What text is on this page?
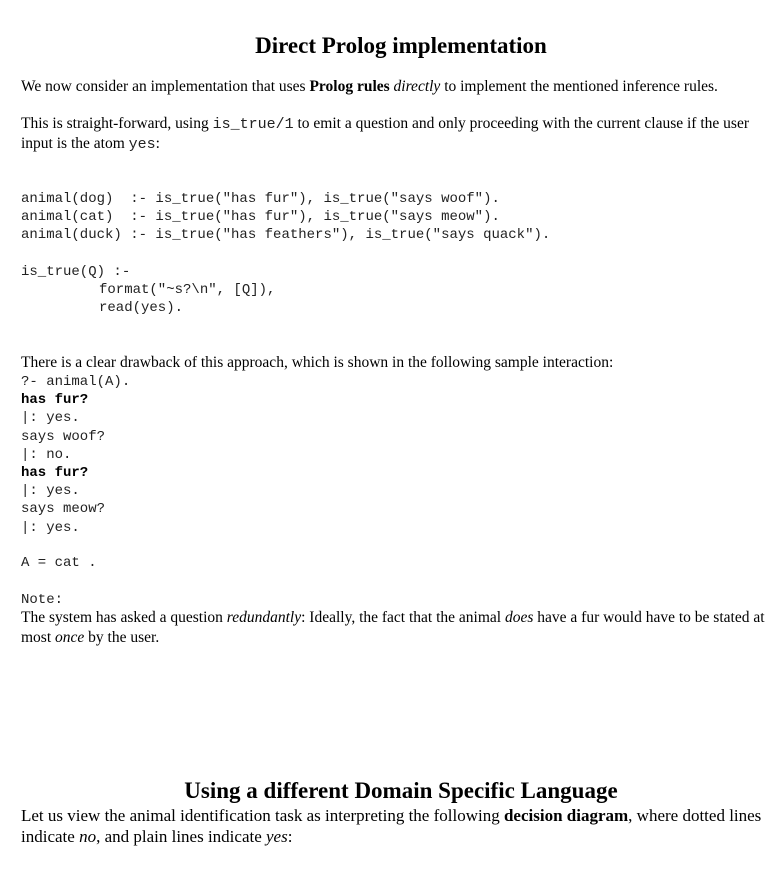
Direct Prolog implementation
We now consider an implementation that uses Prolog rules directly to implement the mentioned inference rules.
This is straight-forward, using is_true/1 to emit a question and only proceeding with the current clause if the user input is the atom yes:
animal(dog)  :- is_true("has fur"), is_true("says woof").
animal(cat)  :- is_true("has fur"), is_true("says meow").
animal(duck) :- is_true("has feathers"), is_true("says quack").
is_true(Q) :-
format("~s?\n", [Q]),
read(yes).
There is a clear drawback of this approach, which is shown in the following sample interaction:
?- animal(A).
has fur?
|: yes.
says woof?
|: no.
has fur?
|: yes.
says meow?
|: yes.
A = cat .
Note:
The system has asked a question redundantly: Ideally, the fact that the animal does have a fur would have to be stated at most once by the user.
Using a different Domain Specific Language
Let us view the animal identification task as interpreting the following decision diagram, where dotted lines indicate no, and plain lines indicate yes:
